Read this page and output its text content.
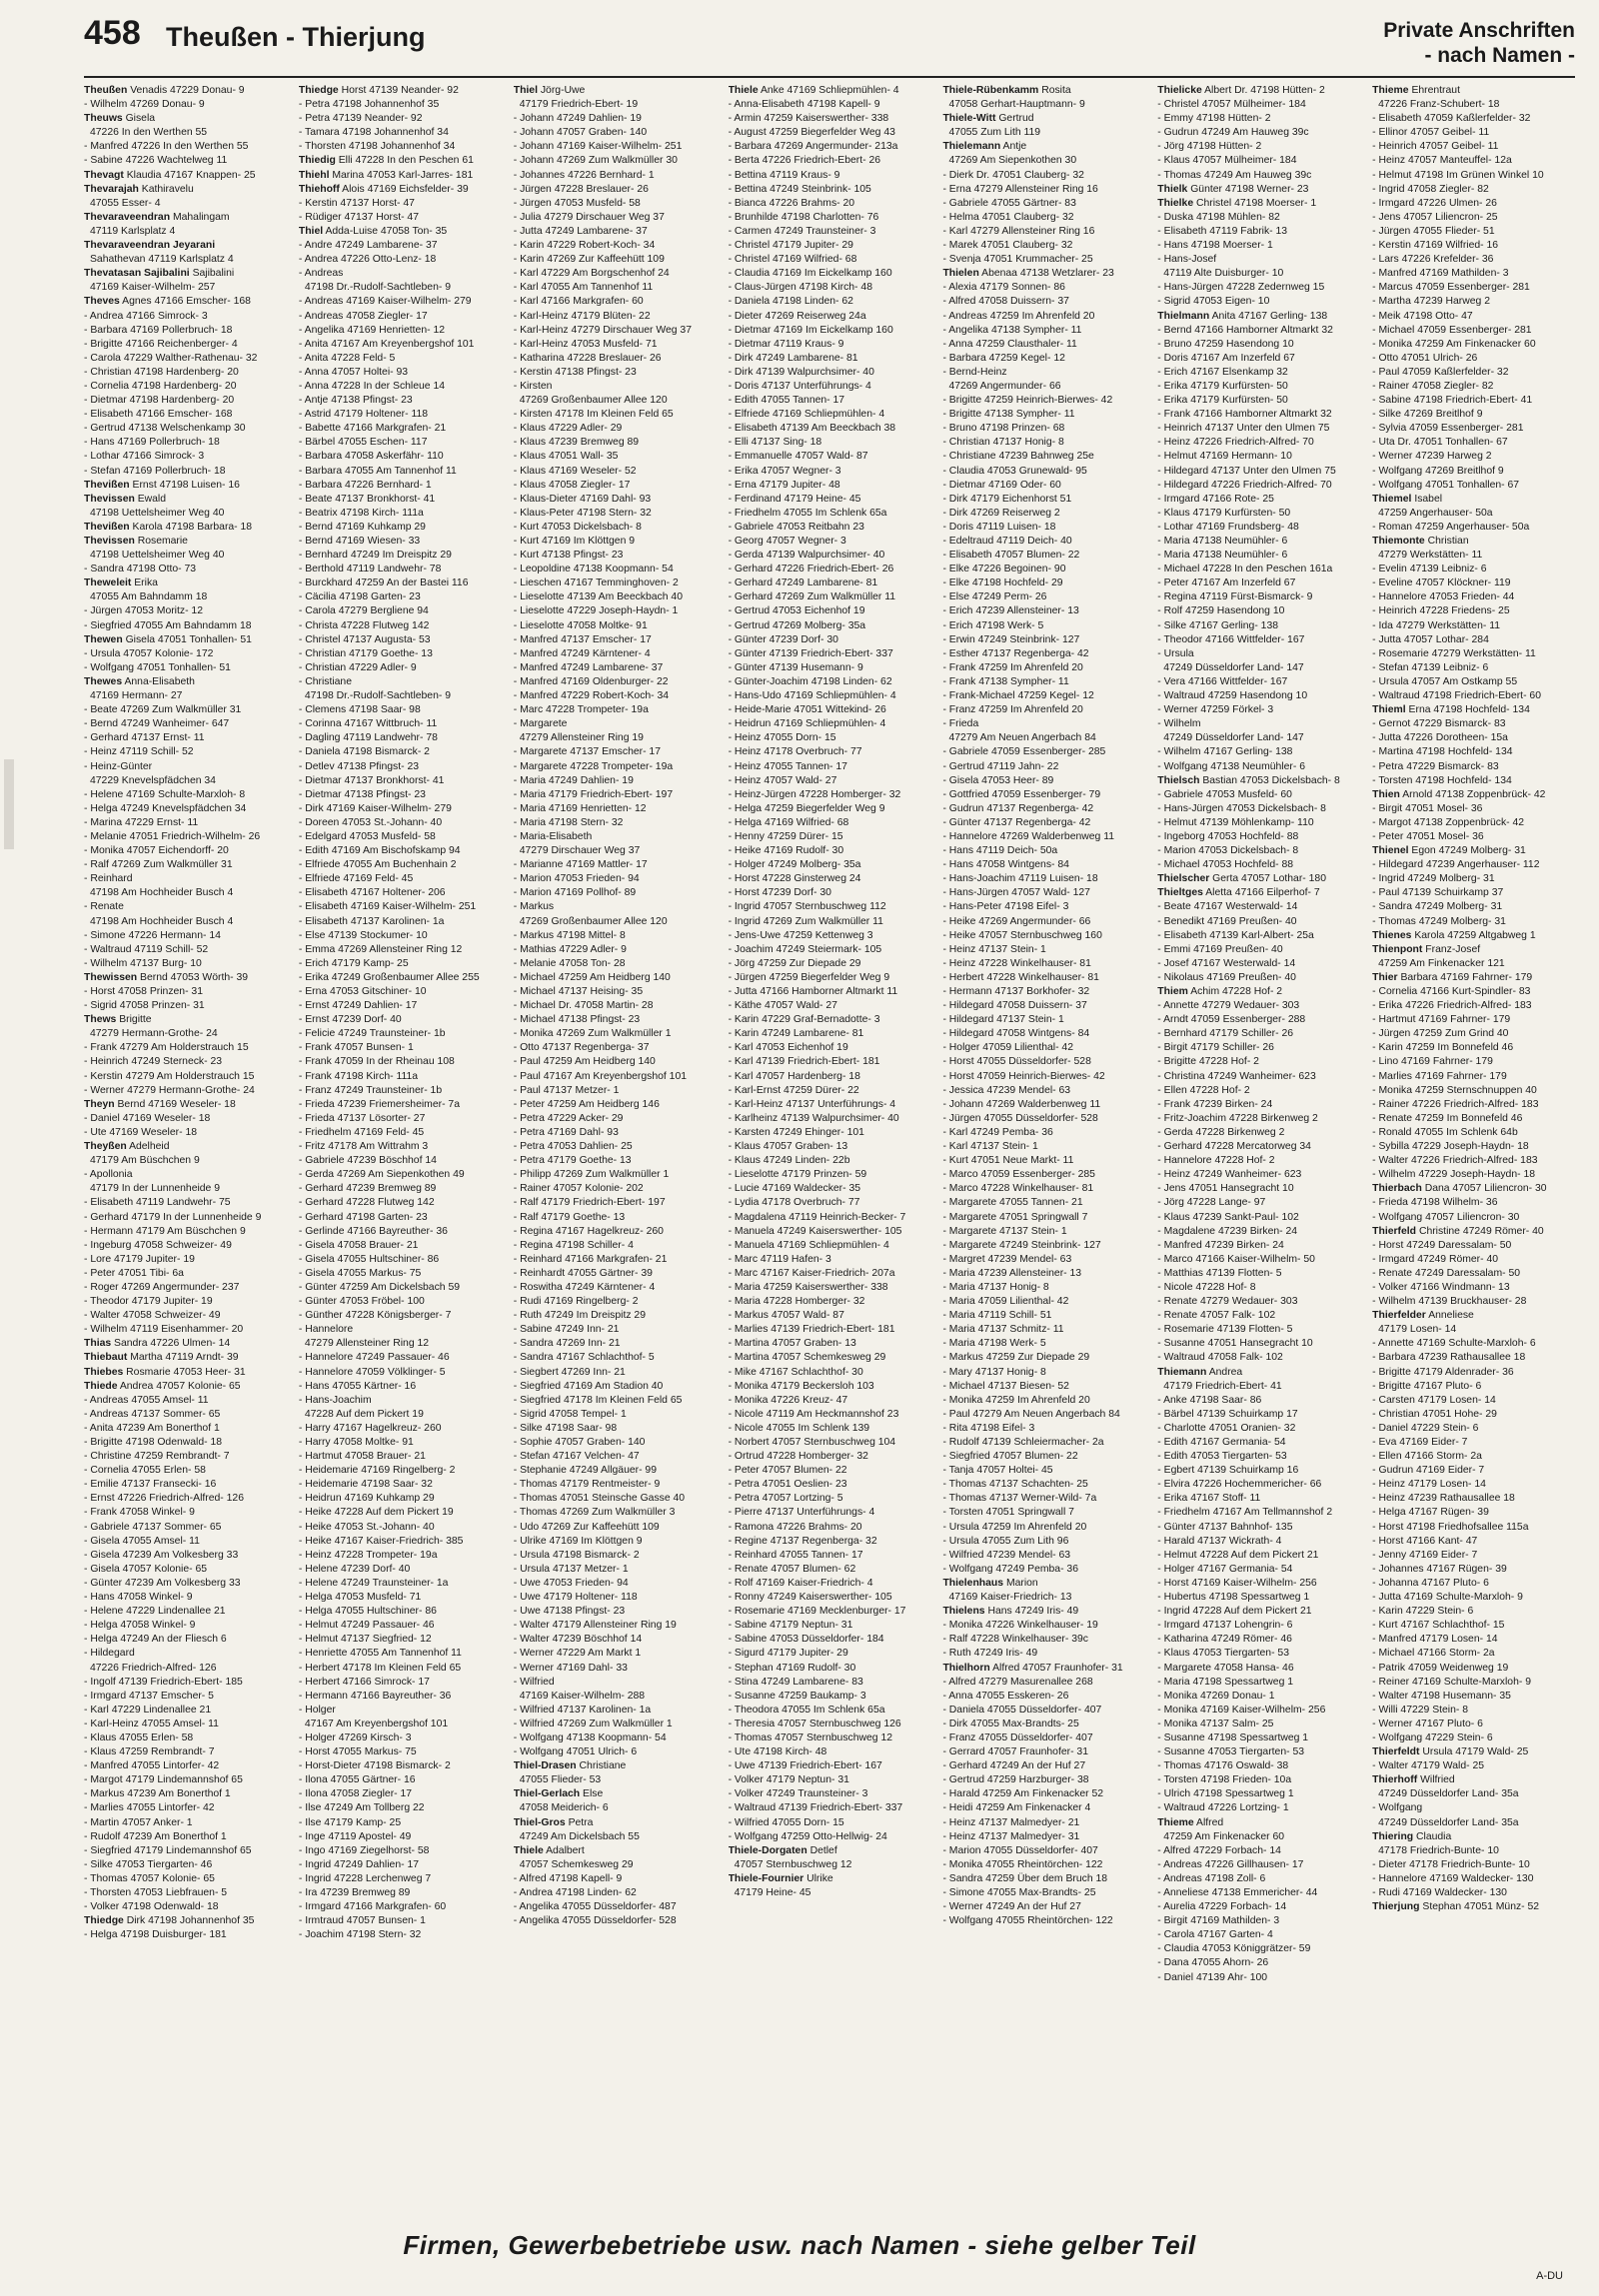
458 Theußen - Thierjung	Private Anschriften
- nach Namen -
Theußen Venadis 47229 Donau- 9
- Wilhelm 47269 Donau- 9
Theuws Gisela
47226 In den Werthen 55
- Manfred 47226 In den Werthen 55
- Sabine 47226 Wachtelweg 11
Thevagt Klaudia 47167 Knappen- 25
Thevarajah Kathiravelu
47055 Esser- 4
Thevaraveendran Mahalingam
47119 Karlsplatz 4
Thevaraveendran Jeyarani
Sahathevan 47119 Karlsplatz 4
Thevatasan Sajibalini Sajibalini
47169 Kaiser-Wilhelm- 257
Theves Agnes 47166 Emscher- 168
- Andrea 47166 Simrock- 3
- Barbara 47169 Pollerbruch- 18
- Brigitte 47166 Reichenberger- 4
- Carola 47229 Walther-Rathenau- 32
- Christian 47198 Hardenberg- 20
- Cornelia 47198 Hardenberg- 20
- Dietmar 47198 Hardenberg- 20
- Elisabeth 47166 Emscher- 168
- Gertrud 47138 Welschenkamp 30
- Hans 47169 Pollerbruch- 18
- Lothar 47166 Simrock- 3
- Stefan 47169 Pollerbruch- 18
Thevißen Ernst 47198 Luisen- 16
Thevissen Ewald
47198 Uettelsheimer Weg 40
Thevißen Karola 47198 Barbara- 18
Thevissen Rosemarie
47198 Uettelsheimer Weg 40
- Sandra 47198 Otto- 73
Theweleit Erika
47055 Am Bahndamm 18
- Jürgen 47053 Moritz- 12
- Siegfried 47055 Am Bahndamm 18
Thewen Gisela 47051 Tonhallen- 51
- Ursula 47057 Kolonie- 172
- Wolfgang 47051 Tonhallen- 51
Thewes Anna-Elisabeth
47169 Hermann- 27
- Beate 47269 Zum Walkmüller 31
- Bernd 47249 Wanheimer- 647
- Gerhard 47137 Ernst- 11
- Heinz 47119 Schill- 52
- Heinz-Günter
47229 Knevelspfädchen 34
- Helene 47169 Schulte-Marxloh- 8
- Helga 47249 Knevelspfädchen 34
- Marina 47229 Ernst- 11
- Melanie 47051 Friedrich-Wilhelm- 26
- Monika 47057 Eichendorff- 20
- Ralf 47269 Zum Walkmüller 31
- Reinhard
47198 Am Hochheider Busch 4
- Renate
47198 Am Hochheider Busch 4
- Simone 47226 Hermann- 14
- Waltraud 47119 Schill- 52
- Wilhelm 47137 Burg- 10
Thewissen Bernd 47053 Wörth- 39
- Horst 47058 Prinzen- 31
- Sigrid 47058 Prinzen- 31
Thews Brigitte
47279 Hermann-Grothe- 24
- Frank 47279 Am Holderstrauch 15
- Heinrich 47249 Sterneck- 23
- Kerstin 47279 Am Holderstrauch 15
- Werner 47279 Hermann-Grothe- 24
Theyn Bernd 47169 Weseler- 18
- Daniel 47169 Weseler- 18
- Ute 47169 Weseler- 18
Theyßen Adelheid
47179 Am Büschchen 9
- Apollonia
47179 In der Lunnenheide 9
- Elisabeth 47119 Landwehr- 75
- Gerhard 47179 In der Lunnenheide 9
- Hermann 47179 Am Büschchen 9
- Ingeburg 47058 Schweizer- 49
- Lore 47179 Jupiter- 19
- Peter 47051 Tibi- 6a
- Roger 47269 Angermunder- 237
- Theodor 47179 Jupiter- 19
- Walter 47058 Schweizer- 49
- Wilhelm 47119 Eisenhammer- 20
Thias Sandra 47226 Ulmen- 14
Thiebaut Martha 47119 Arndt- 39
Thiebes Rosmarie 47053 Heer- 31
Thiede Andrea 47057 Kolonie- 65
- Andreas 47055 Amsel- 11
- Andreas 47137 Sommer- 65
- Anita 47239 Am Bonerthof 1
- Brigitte 47198 Odenwald- 18
- Christine 47259 Rembrandt- 7
- Cornelia 47055 Erlen- 58
- Emilie 47137 Fransecki- 16
- Ernst 47226 Friedrich-Alfred- 126
- Frank 47058 Winkel- 9
- Gabriele 47137 Sommer- 65
- Gisela 47055 Amsel- 11
- Gisela 47239 Am Volkesberg 33
- Gisela 47057 Kolonie- 65
- Günter 47239 Am Volkesberg 33
- Hans 47058 Winkel- 9
- Helene 47229 Lindenallee 21
- Helga 47058 Winkel- 9
- Helga 47249 An der Fliesch 6
- Hildegard
47226 Friedrich-Alfred- 126
- Ingolf 47139 Friedrich-Ebert- 185
- Irmgard 47137 Emscher- 5
- Karl 47229 Lindenallee 21
- Karl-Heinz 47055 Amsel- 11
- Klaus 47055 Erlen- 58
- Klaus 47259 Rembrandt- 7
- Manfred 47055 Lintorfer- 42
- Margot 47179 Lindemannshof 65
- Markus 47239 Am Bonerthof 1
- Marlies 47055 Lintorfer- 42
- Martin 47057 Anker- 1
- Rudolf 47239 Am Bonerthof 1
- Siegfried 47179 Lindemannshof 65
- Silke 47053 Tiergarten- 46
- Thomas 47057 Kolonie- 65
- Thorsten 47053 Liebfrauen- 5
- Volker 47198 Odenwald- 18
Thiedge Dirk 47198 Johannenhof 35
- Helga 47198 Duisburger- 181
Thiedge Horst 47139 Neander- 92
- Petra 47198 Johannenhof 35
- Petra 47139 Neander- 92
- Tamara 47198 Johannenhof 34
- Thorsten 47198 Johannenhof 34
Thiedig Elli 47228 In den Peschen 61
Thiehl Marina 47053 Karl-Jarres- 181
Thiehoff Alois 47169 Eichsfelder- 39
- Kerstin 47137 Horst- 47
- Rüdiger 47137 Horst- 47
Thiel Adda-Luise 47058 Ton- 35
- Andre 47249 Lambarene- 37
- Andrea 47226 Otto-Lenz- 18
- Andreas
47198 Dr.-Rudolf-Sachtleben- 9
- Andreas 47169 Kaiser-Wilhelm- 279
- Andreas 47058 Ziegler- 17
- Angelika 47169 Henrietten- 12
- Anita 47167 Am Kreyenbergshof 101
- Anita 47228 Feld- 5
- Anna 47057 Holtei- 93
- Anna 47228 In der Schleue 14
- Antje 47138 Pfingst- 23
- Astrid 47179 Holtener- 118
- Babette 47166 Markgrafen- 21
- Bärbel 47055 Eschen- 117
- Barbara 47058 Askerfähr- 110
- Barbara 47055 Am Tannenhof 11
- Barbara 47226 Bernhard- 1
- Beate 47137 Bronkhorst- 41
- Beatrix 47198 Kirch- 111a
- Bernd 47169 Kuhkamp 29
- Bernd 47169 Wiesen- 33
- Bernhard 47249 Im Dreispitz 29
- Berthold 47119 Landwehr- 78
- Burckhard 47259 An der Bastei 116
- Cäcilia 47198 Garten- 23
- Carola 47279 Bergliene 94
- Christa 47228 Flutweg 142
- Christel 47137 Augusta- 53
- Christian 47179 Goethe- 13
- Christian 47229 Adler- 9
- Christiane
47198 Dr.-Rudolf-Sachtleben- 9
- Clemens 47198 Saar- 98
- Corinna 47167 Wittbruch- 11
- Dagling 47119 Landwehr- 78
- Daniela 47198 Bismarck- 2
- Detlev 47138 Pfingst- 23
- Dietmar 47137 Bronkhorst- 41
- Dietmar 47138 Pfingst- 23
- Dirk 47169 Kaiser-Wilhelm- 279
- Doreen 47053 St.-Johann- 40
- Edelgard 47053 Musfeld- 58
- Edith 47169 Am Bischofskamp 94
- Elfriede 47055 Am Buchenhain 2
- Elfriede 47169 Feld- 45
- Elisabeth 47167 Holtener- 206
- Elisabeth 47169 Kaiser-Wilhelm- 251
- Elisabeth 47137 Karolinen- 1a
- Else 47139 Stockumer- 10
- Emma 47269 Allensteiner Ring 12
- Erich 47179 Kamp- 25
- Erika 47249 Großenbaumer Allee 255
- Erna 47053 Gitschiner- 10
- Ernst 47249 Dahlien- 17
- Ernst 47239 Dorf- 40
- Felicie 47249 Traunsteiner- 1b
- Frank 47057 Bunsen- 1
- Frank 47059 In der Rheinau 108
- Frank 47198 Kirch- 111a
- Franz 47249 Traunsteiner- 1b
- Frieda 47239 Friemersheimer- 7a
- Frieda 47137 Lösorter- 27
- Friedhelm 47169 Feld- 45
- Fritz 47178 Am Wittrahm 3
- Gabriele 47239 Böschhof 14
- Gerda 47269 Am Siepenkothen 49
- Gerhard 47239 Bremweg 89
- Gerhard 47228 Flutweg 142
- Gerhard 47198 Garten- 23
- Gerlinde 47166 Bayreuther- 36
- Gisela 47058 Brauer- 21
- Gisela 47055 Hultschiner- 86
- Gisela 47055 Markus- 75
- Günter 47259 Am Dickelsbach 59
- Günter 47053 Fröbel- 100
- Günther 47228 Königsberger- 7
- Hannelore
47279 Allensteiner Ring 12
- Hannelore 47249 Passauer- 46
- Hannelore 47059 Völklinger- 5
- Hans 47055 Kärtner- 16
- Hans-Joachim
47228 Auf dem Pickert 19
- Harry 47167 Hagelkreuz- 260
- Harry 47058 Moltke- 91
- Hartmut 47058 Brauer- 21
- Heidemarie 47169 Ringelberg- 2
- Heidemarie 47198 Saar- 32
- Heidrun 47169 Kuhkamp 29
- Heike 47228 Auf dem Pickert 19
- Heike 47053 St.-Johann- 40
- Heike 47167 Kaiser-Friedrich- 385
- Heinz 47228 Trompeter- 19a
- Helene 47239 Dorf- 40
- Helene 47249 Traunsteiner- 1a
- Helga 47053 Musfeld- 71
- Helga 47055 Hultschiner- 86
- Helmut 47249 Passauer- 46
- Helmut 47137 Siegfried- 12
- Henriette 47055 Am Tannenhof 11
- Herbert 47178 Im Kleinen Feld 65
- Herbert 47166 Simrock- 17
- Hermann 47166 Bayreuther- 36
- Holger
47167 Am Kreyenbergshof 101
- Holger 47269 Kirsch- 3
- Horst 47055 Markus- 75
- Horst-Dieter 47198 Bismarck- 2
- Ilona 47055 Gärtner- 16
- Ilona 47058 Ziegler- 17
- Ilse 47249 Am Tollberg 22
- Ilse 47179 Kamp- 25
- Inge 47119 Apostel- 49
- Ingo 47169 Ziegelhorst- 58
- Ingrid 47249 Dahlien- 17
- Ingrid 47228 Lerchenweg 7
- Ira 47239 Bremweg 89
- Irmgard 47166 Markgrafen- 60
- Irmtraud 47057 Bunsen- 1
- Joachim 47198 Stern- 32
Thiel Jörg-Uwe
47179 Friedrich-Ebert- 19
- Johann 47249 Dahlien- 19
- Johann 47057 Graben- 140
- Johann 47169 Kaiser-Wilhelm- 251
- Johann 47269 Zum Walkmüller 30
- Johannes 47226 Bernhard- 1
- Jürgen 47228 Breslauer- 26
- Jürgen 47053 Musfeld- 58
- Julia 47279 Dirschauer Weg 37
- Jutta 47249 Lambarene- 37
- Karin 47229 Robert-Koch- 34
- Karin 47269 Zur Kaffeehütt 109
- Karl 47229 Am Borgschenhof 24
- Karl 47055 Am Tannenhof 11
- Karl 47166 Markgrafen- 60
- Karl-Heinz 47179 Blüten- 22
- Karl-Heinz 47279 Dirschauer Weg 37
- Karl-Heinz 47053 Musfeld- 71
- Katharina 47228 Breslauer- 26
- Kerstin 47138 Pfingst- 23
- Kirsten
47269 Großenbaumer Allee 120
- Kirsten 47178 Im Kleinen Feld 65
- Klaus 47229 Adler- 29
- Klaus 47239 Bremweg 89
- Klaus 47051 Wall- 35
- Klaus 47169 Weseler- 52
- Klaus 47058 Ziegler- 17
- Klaus-Dieter 47169 Dahl- 93
- Klaus-Peter 47198 Stern- 32
- Kurt 47053 Dickelsbach- 8
- Kurt 47169 Im Klöttgen 9
- Kurt 47138 Pfingst- 23
- Leopoldine 47138 Koopmann- 54
- Lieschen 47167 Temminghoven- 2
- Lieselotte 47139 Am Beeckbach 40
- Lieselotte 47229 Joseph-Haydn- 1
- Lieselotte 47058 Moltke- 91
- Manfred 47137 Emscher- 17
- Manfred 47249 Kärntener- 4
- Manfred 47249 Lambarene- 37
- Manfred 47169 Oldenburger- 22
- Manfred 47229 Robert-Koch- 34
- Marc 47228 Trompeter- 19a
- Margarete
47279 Allensteiner Ring 19
- Margarete 47137 Emscher- 17
- Margarete 47228 Trompeter- 19a
- Maria 47249 Dahlien- 19
- Maria 47179 Friedrich-Ebert- 197
- Maria 47169 Henrietten- 12
- Maria 47198 Stern- 32
- Maria-Elisabeth
47279 Dirschauer Weg 37
- Marianne 47169 Mattler- 17
- Marion 47053 Frieden- 94
- Marion 47169 Pollhof- 89
- Markus
47269 Großenbaumer Allee 120
- Markus 47198 Mittel- 8
- Mathias 47229 Adler- 9
- Melanie 47058 Ton- 28
- Michael 47259 Am Heidberg 140
- Michael 47137 Heising- 35
- Michael Dr. 47058 Martin- 28
- Michael 47138 Pfingst- 23
- Monika 47269 Zum Walkmüller 1
- Otto 47137 Regenberga- 37
- Paul 47259 Am Heidberg 140
- Paul 47167 Am Kreyenbergshof 101
- Paul 47137 Metzer- 1
- Peter 47259 Am Heidberg 146
- Petra 47229 Acker- 29
- Petra 47169 Dahl- 93
- Petra 47053 Dahlien- 25
- Petra 47179 Goethe- 13
- Philipp 47269 Zum Walkmüller 1
- Rainer 47057 Kolonie- 202
- Ralf 47179 Friedrich-Ebert- 197
- Ralf 47179 Goethe- 13
- Regina 47167 Hagelkreuz- 260
- Regina 47198 Schiller- 4
- Reinhard 47166 Markgrafen- 21
- Reinhardt 47055 Gärtner- 39
- Roswitha 47249 Kärntener- 4
- Rudi 47169 Ringelberg- 2
- Ruth 47249 Im Dreispitz 29
- Sabine 47249 Inn- 21
- Sandra 47269 Inn- 21
- Sandra 47167 Schlachthof- 5
- Siegbert 47269 Inn- 21
- Siegfried 47169 Am Stadion 40
- Siegfried 47178 Im Kleinen Feld 65
- Sigrid 47058 Tempel- 1
- Silke 47198 Saar- 98
- Sophie 47057 Graben- 140
- Stefan 47167 Velchen- 47
- Stephanie 47249 Allgäuer- 99
- Thomas 47179 Rentmeister- 9
- Thomas 47051 Steinsche Gasse 40
- Thomas 47269 Zum Walkmüller 3
- Udo 47269 Zur Kaffeehütt 109
- Ulrike 47169 Im Klöttgen 9
- Ursula 47198 Bismarck- 2
- Ursula 47137 Metzer- 1
- Uwe 47053 Frieden- 94
- Uwe 47179 Holtener- 118
- Uwe 47138 Pfingst- 23
- Walter 47179 Allensteiner Ring 19
- Walter 47239 Böschhof 14
- Werner 47229 Am Markt 1
- Werner 47169 Dahl- 33
- Wilfried
47169 Kaiser-Wilhelm- 288
- Wilfried 47137 Karolinen- 1a
- Wilfried 47269 Zum Walkmüller 1
- Wolfgang 47138 Koopmann- 54
- Wolfgang 47051 Ulrich- 6
Thiel-Drasen Christiane
47055 Flieder- 53
Thiel-Gerlach Else
47058 Meiderich- 6
Thiel-Gros Petra
47249 Am Dickelsbach 55
Thiele Adalbert
47057 Schemkesweg 29
- Alfred 47198 Kapell- 9
- Andrea 47198 Linden- 62
- Angelika 47055 Düsseldorfer- 487
- Angelika 47055 Düsseldorfer- 528
Thiele Anke 47169 Schliepmühlen- 4
- Anna-Elisabeth 47198 Kapell- 9
- Armin 47259 Kaiserswerther- 338
- August 47259 Biegerfelder Weg 43
- Barbara 47269 Angermunder- 213a
- Berta 47226 Friedrich-Ebert- 26
- Bettina 47119 Kraus- 9
- Bettina 47249 Steinbrink- 105
- Bianca 47226 Brahms- 20
- Brunhilde 47198 Charlotten- 76
- Carmen 47249 Traunsteiner- 3
- Christel 47179 Jupiter- 29
- Christel 47169 Wilfried- 68
- Claudia 47169 Im Eickelkamp 160
- Claus-Jürgen 47198 Kirch- 48
- Daniela 47198 Linden- 62
- Dieter 47269 Reiserweg 24a
- Dietmar 47169 Im Eickelkamp 160
- Dietmar 47119 Kraus- 9
- Dirk 47249 Lambarene- 81
- Dirk 47139 Walpurchsimer- 40
- Doris 47137 Unterführungs- 4
- Edith 47055 Tannen- 17
- Elfriede 47169 Schliepmühlen- 4
- Elisabeth 47139 Am Beeckbach 38
- Elli 47137 Sing- 18
- Emmanuelle 47057 Wald- 87
- Erika 47057 Wegner- 3
- Erna 47179 Jupiter- 48
- Ferdinand 47179 Heine- 45
- Friedhelm 47055 Im Schlenk 65a
- Gabriele 47053 Reitbahn 23
- Georg 47057 Wegner- 3
- Gerda 47139 Walpurchsimer- 40
- Gerhard 47226 Friedrich-Ebert- 26
- Gerhard 47249 Lambarene- 81
- Gerhard 47269 Zum Walkmüller 11
- Gertrud 47053 Eichenhof 19
- Gertrud 47269 Molberg- 35a
- Günter 47239 Dorf- 30
- Günter 47139 Friedrich-Ebert- 337
- Günter 47139 Husemann- 9
- Günter-Joachim 47198 Linden- 62
- Hans-Udo 47169 Schliepmühlen- 4
- Heide-Marie 47051 Wittekind- 26
- Heidrun 47169 Schliepmühlen- 4
- Heinz 47055 Dorn- 15
- Heinz 47178 Overbruch- 77
- Heinz 47055 Tannen- 17
- Heinz 47057 Wald- 27
- Heinz-Jürgen 47228 Homberger- 32
- Helga 47259 Biegerfelder Weg 9
- Helga 47169 Wilfried- 68
- Henny 47259 Dürer- 15
- Heike 47169 Rudolf- 30
- Holger 47249 Molberg- 35a
- Horst 47228 Ginsterweg 24
- Horst 47239 Dorf- 30
- Ingrid 47057 Sternbuschweg 112
- Ingrid 47269 Zum Walkmüller 11
- Jens-Uwe 47259 Kettenweg 3
- Joachim 47249 Steiermark- 105
- Jörg 47259 Zur Diepade 29
- Jürgen 47259 Biegerfelder Weg 9
- Jutta 47166 Hamborner Altmarkt 11
- Käthe 47057 Wald- 27
- Karin 47229 Graf-Bernadotte- 3
- Karin 47249 Lambarene- 81
- Karl 47053 Eichenhof 19
- Karl 47139 Friedrich-Ebert- 181
- Karl 47057 Hardenberg- 18
- Karl-Ernst 47259 Dürer- 22
- Karl-Heinz 47137 Unterführungs- 4
- Karlheinz 47139 Walpurchsimer- 40
- Karsten 47249 Ehinger- 101
- Klaus 47057 Graben- 13
- Klaus 47249 Linden- 22b
- Lieselotte 47179 Prinzen- 59
- Lucie 47169 Waldecker- 35
- Lydia 47178 Overbruch- 77
- Magdalena 47119 Heinrich-Becker- 7
- Manuela 47249 Kaiserswerther- 105
- Manuela 47169 Schliepmühlen- 4
- Marc 47119 Hafen- 3
- Marc 47167 Kaiser-Friedrich- 207a
- Maria 47259 Kaiserswerther- 338
- Maria 47228 Homberger- 32
- Markus 47057 Wald- 87
- Marlies 47139 Friedrich-Ebert- 181
- Martina 47057 Graben- 13
- Martina 47057 Schemkesweg 29
- Mike 47167 Schlachthof- 30
- Monika 47179 Beckersloh 103
- Monika 47226 Kreuz- 47
- Nicole 47119 Am Heckmannshof 23
- Nicole 47055 Im Schlenk 139
- Norbert 47057 Sternbuschweg 104
- Ortrud 47228 Homberger- 32
- Peter 47057 Blumen- 22
- Petra 47051 Oeslien- 23
- Petra 47057 Lortzing- 5
- Pierre 47137 Unterführungs- 4
- Ramona 47226 Brahms- 20
- Regine 47137 Regenberga- 32
- Reinhard 47055 Tannen- 17
- Renate 47057 Blumen- 62
- Rolf 47169 Kaiser-Friedrich- 4
- Ronny 47249 Kaiserswerther- 105
- Rosemarie 47169 Mecklenburger- 17
- Sabine 47179 Neptun- 31
- Sabine 47053 Düsseldorfer- 184
- Sigurd 47179 Jupiter- 29
- Stephan 47169 Rudolf- 30
- Stina 47249 Lambarene- 83
- Susanne 47259 Baukamp- 3
- Theodora 47055 Im Schlenk 65a
- Theresia 47057 Sternbuschweg 126
- Thomas 47057 Sternbuschweg 12
- Ute 47198 Kirch- 48
- Uwe 47139 Friedrich-Ebert- 167
- Volker 47179 Neptun- 31
- Volker 47249 Traunsteiner- 3
- Waltraud 47139 Friedrich-Ebert- 337
- Wilfried 47055 Dorn- 15
- Wolfgang 47259 Otto-Hellwig- 24
Thiele-Dorgaten Detlef
47057 Sternbuschweg 12
Thiele-Fournier Ulrike
47179 Heine- 45
Thiele-Rübenkamm Rosita
47058 Gerhart-Hauptmann- 9
Thiele-Witt Gertrud
47055 Zum Lith 119
Thielemann Antje
47269 Am Siepenkothen 30
- Dierk Dr. 47051 Clauberg- 32
- Erna 47279 Allensteiner Ring 16
- Gabriele 47055 Gärtner- 83
- Helma 47051 Clauberg- 32
- Karl 47279 Allensteiner Ring 16
- Marek 47051 Clauberg- 32
- Svenja 47051 Krummacher- 25
Thielen Abenaa 47138 Wetzlarer- 23
- Alexia 47179 Sonnen- 86
- Alfred 47058 Duissern- 37
- Andreas 47259 Im Ahrenfeld 20
- Angelika 47138 Sympher- 11
- Anna 47259 Clausthaler- 11
- Barbara 47259 Kegel- 12
- Bernd-Heinz
47269 Angermunder- 66
- Brigitte 47259 Heinrich-Bierwes- 42
- Brigitte 47138 Sympher- 11
- Bruno 47198 Prinzen- 68
- Christian 47137 Honig- 8
- Christiane 47239 Bahnweg 25e
- Claudia 47053 Grunewald- 95
- Dietmar 47169 Oder- 60
- Dirk 47179 Eichenhorst 51
- Dirk 47269 Reiserweg 2
- Doris 47119 Luisen- 18
- Edeltraud 47119 Deich- 40
- Elisabeth 47057 Blumen- 22
- Elke 47226 Begoinen- 90
- Elke 47198 Hochfeld- 29
- Else 47249 Perm- 26
- Erich 47239 Allensteiner- 13
- Erich 47198 Werk- 5
- Erwin 47249 Steinbrink- 127
- Esther 47137 Regenberga- 42
- Frank 47259 Im Ahrenfeld 20
- Frank 47138 Sympher- 11
- Frank-Michael 47259 Kegel- 12
- Franz 47259 Im Ahrenfeld 20
- Frieda
47279 Am Neuen Angerbach 84
- Gabriele 47059 Essenberger- 285
- Gertrud 47119 Jahn- 22
- Gisela 47053 Heer- 89
- Gottfried 47059 Essenberger- 79
- Gudrun 47137 Regenberga- 42
- Günter 47137 Regenberga- 42
- Hannelore 47269 Walderbenweg 11
- Hans 47119 Deich- 50a
- Hans 47058 Wintgens- 84
- Hans-Joachim 47119 Luisen- 18
- Hans-Jürgen 47057 Wald- 127
- Hans-Peter 47198 Eifel- 3
- Heike 47269 Angermunder- 66
- Heike 47057 Sternbuschweg 160
- Heinz 47137 Stein- 1
- Heinz 47228 Winkelhauser- 81
- Herbert 47228 Winkelhauser- 81
- Hermann 47137 Borkhofer- 32
- Hildegard 47058 Duissern- 37
- Hildegard 47137 Stein- 1
- Hildegard 47058 Wintgens- 84
- Holger 47059 Lilienthal- 42
- Horst 47055 Düsseldorfer- 528
- Horst 47059 Heinrich-Bierwes- 42
- Jessica 47239 Mendel- 63
- Johann 47269 Walderbenweg 11
- Jürgen 47055 Düsseldorfer- 528
- Karl 47249 Pemba- 36
- Karl 47137 Stein- 1
- Kurt 47051 Neue Markt- 11
- Marco 47059 Essenberger- 285
- Marco 47228 Winkelhauser- 81
- Margarete 47055 Tannen- 21
- Margarete 47051 Springwall 7
- Margarete 47137 Stein- 1
- Margarete 47249 Steinbrink- 127
- Margret 47239 Mendel- 63
- Maria 47239 Allensteiner- 13
- Maria 47137 Honig- 8
- Maria 47059 Lilienthal- 42
- Maria 47119 Schill- 51
- Maria 47137 Schmitz- 11
- Maria 47198 Werk- 5
- Markus 47259 Zur Diepade 29
- Mary 47137 Honig- 8
- Michael 47137 Biesen- 52
- Monika 47259 Im Ahrenfeld 20
- Paul 47279 Am Neuen Angerbach 84
- Rita 47198 Eifel- 3
- Rudolf 47139 Schleiermacher- 2a
- Siegfried 47057 Blumen- 22
- Tanja 47057 Holtei- 45
- Thomas 47137 Schachten- 25
- Thomas 47137 Werner-Wild- 7a
- Torsten 47051 Springwall 7
- Ursula 47259 Im Ahrenfeld 20
- Ursula 47055 Zum Lith 96
- Wilfried 47239 Mendel- 63
- Wolfgang 47249 Pemba- 36
Thielenhaus Marion
47169 Kaiser-Friedrich- 13
Thielens Hans 47249 Iris- 49
- Monika 47226 Winkelhauser- 19
- Ralf 47228 Winkelhauser- 39c
- Ruth 47249 Iris- 49
Thielhorn Alfred 47057 Fraunhofer- 31
- Alfred 47279 Masurenallee 268
- Anna 47055 Esskeren- 26
- Daniela 47055 Düsseldorfer- 407
- Dirk 47055 Max-Brandts- 25
- Franz 47055 Düsseldorfer- 407
- Gerrard 47057 Fraunhofer- 31
- Gerhard 47249 An der Huf 27
- Gertrud 47259 Harzburger- 38
- Harald 47259 Am Finkenacker 52
- Heidi 47259 Am Finkenacker 4
- Heinz 47137 Malmedyer- 21
- Heinz 47137 Malmedyer- 31
- Marion 47055 Düsseldorfer- 407
- Monika 47055 Rheintörchen- 122
- Sandra 47259 Über dem Bruch 18
- Simone 47055 Max-Brandts- 25
- Werner 47249 An der Huf 27
- Wolfgang 47055 Rheintörchen- 122
Thielicke Albert Dr. 47198 Hütten- 2
- Christel 47057 Mülheimer- 184
- Emmy 47198 Hütten- 2
- Gudrun 47249 Am Hauweg 39c
- Jörg 47198 Hütten- 2
- Klaus 47057 Mülheimer- 184
- Thomas 47249 Am Hauweg 39c
Thielk Günter 47198 Werner- 23
Thielke Christel 47198 Moerser- 1
- Duska 47198 Mühlen- 82
- Elisabeth 47119 Fabrik- 13
- Hans 47198 Moerser- 1
- Hans-Josef
47119 Alte Duisburger- 10
- Hans-Jürgen 47228 Zedernweg 15
- Sigrid 47053 Eigen- 10
Thielmann Anita 47167 Gerling- 138
- Bernd 47166 Hamborner Altmarkt 32
- Bruno 47259 Hasendong 10
- Doris 47167 Am Inzerfeld 67
- Erich 47167 Elsenkamp 32
- Erika 47179 Kurfürsten- 50
- Erika 47179 Kurfürsten- 50
- Frank 47166 Hamborner Altmarkt 32
- Heinrich 47137 Unter den Ulmen 75
- Heinz 47226 Friedrich-Alfred- 70
- Helmut 47169 Hermann- 10
- Hildegard 47137 Unter den Ulmen 75
- Hildegard 47226 Friedrich-Alfred- 70
- Irmgard 47166 Rote- 25
- Klaus 47179 Kurfürsten- 50
- Lothar 47169 Frundsberg- 48
- Maria 47138 Neumühler- 6
- Maria 47138 Neumühler- 6
- Michael 47228 In den Peschen 161a
- Peter 47167 Am Inzerfeld 67
- Regina 47119 Fürst-Bismarck- 9
- Rolf 47259 Hasendong 10
- Silke 47167 Gerling- 138
- Theodor 47166 Wittfelder- 167
- Ursula
47249 Düsseldorfer Land- 147
- Vera 47166 Wittfelder- 167
- Waltraud 47259 Hasendong 10
- Werner 47259 Förkel- 3
- Wilhelm
47249 Düsseldorfer Land- 147
- Wilhelm 47167 Gerling- 138
- Wolfgang 47138 Neumühler- 6
Thielsch Bastian 47053 Dickelsbach- 8
- Gabriele 47053 Musfeld- 60
- Hans-Jürgen 47053 Dickelsbach- 8
- Helmut 47139 Möhlenkamp- 110
- Ingeborg 47053 Hochfeld- 88
- Marion 47053 Dickelsbach- 8
- Michael 47053 Hochfeld- 88
Thielscher Gerta 47057 Lothar- 180
Thieltges Aletta 47166 Eilperhof- 7
- Beate 47167 Westerwald- 14
- Benedikt 47169 Preußen- 40
- Elisabeth 47139 Karl-Albert- 25a
- Emmi 47169 Preußen- 40
- Josef 47167 Westerwald- 14
- Nikolaus 47169 Preußen- 40
Thiem Achim 47228 Hof- 2
- Annette 47279 Wedauer- 303
- Arndt 47059 Essenberger- 288
- Bernhard 47179 Schiller- 26
- Birgit 47179 Schiller- 26
- Brigitte 47228 Hof- 2
- Christina 47249 Wanheimer- 623
- Ellen 47228 Hof- 2
- Frank 47239 Birken- 24
- Fritz-Joachim 47228 Birkenweg 2
- Gerda 47228 Birkenweg 2
- Gerhard 47228 Mercatorweg 34
- Hannelore 47228 Hof- 2
- Heinz 47249 Wanheimer- 623
- Jens 47051 Hansegracht 10
- Jörg 47228 Lange- 97
- Klaus 47239 Sankt-Paul- 102
- Magdalene 47239 Birken- 24
- Manfred 47239 Birken- 24
- Marco 47166 Kaiser-Wilhelm- 50
- Matthias 47139 Flotten- 5
- Nicole 47228 Hof- 8
- Renate 47279 Wedauer- 303
- Renate 47057 Falk- 102
- Rosemarie 47139 Flotten- 5
- Susanne 47051 Hansegracht 10
- Waltraud 47058 Falk- 102
Thiemann Andrea
47179 Friedrich-Ebert- 41
- Anke 47198 Saar- 86
- Bärbel 47139 Schuirkamp 17
- Charlotte 47051 Oranien- 32
- Edith 47167 Germania- 54
- Edith 47053 Tiergarten- 53
- Egbert 47139 Schuirkamp 16
- Elvira 47226 Hochemmericher- 66
- Erika 47167 Stoff- 11
- Friedhelm 47167 Am Tellmannshof 2
- Günter 47137 Bahnhof- 135
- Harald 47137 Wickrath- 4
- Helmut 47228 Auf dem Pickert 21
- Holger 47167 Germania- 54
- Horst 47169 Kaiser-Wilhelm- 256
- Hubertus 47198 Spessartweg 1
- Ingrid 47228 Auf dem Pickert 21
- Irmgard 47137 Lohengrin- 6
- Katharina 47249 Römer- 46
- Klaus 47053 Tiergarten- 53
- Margarete 47058 Hansa- 46
- Maria 47198 Spessartweg 1
- Monika 47269 Donau- 1
- Monika 47169 Kaiser-Wilhelm- 256
- Monika 47137 Salm- 25
- Susanne 47198 Spessartweg 1
- Susanne 47053 Tiergarten- 53
- Thomas 47176 Oswald- 38
- Torsten 47198 Frieden- 10a
- Ulrich 47198 Spessartweg 1
- Waltraud 47226 Lortzing- 1
Thieme Alfred
47259 Am Finkenacker 60
- Alfred 47229 Forbach- 14
- Andreas 47226 Gillhausen- 17
- Andreas 47198 Zoll- 6
- Anneliese 47138 Emmericher- 44
- Aurelia 47229 Forbach- 14
- Birgit 47169 Mathilden- 3
- Carola 47167 Garten- 4
- Claudia 47053 Königgrätzer- 59
- Dana 47055 Ahorn- 26
- Daniel 47139 Ahr- 100
Thieme Ehrentraut
47226 Franz-Schubert- 18
- Elisabeth 47059 Kaßlerfelder- 32
- Ellinor 47057 Geibel- 11
- Heinrich 47057 Geibel- 11
- Heinz 47057 Manteuffel- 12a
- Helmut 47198 Im Grünen Winkel 10
- Ingrid 47058 Ziegler- 82
- Irmgard 47226 Ulmen- 26
- Jens 47057 Liliencron- 25
- Jürgen 47055 Flieder- 51
- Kerstin 47169 Wilfried- 16
- Lars 47226 Krefelder- 36
- Manfred 47169 Mathilden- 3
- Marcus 47059 Essenberger- 281
- Martha 47239 Harweg 2
- Meik 47198 Otto- 47
- Michael 47059 Essenberger- 281
- Monika 47259 Am Finkenacker 60
- Otto 47051 Ulrich- 26
- Paul 47059 Kaßlerfelder- 32
- Rainer 47058 Ziegler- 82
- Sabine 47198 Friedrich-Ebert- 41
- Silke 47269 Breitlhof 9
- Sylvia 47059 Essenberger- 281
- Uta Dr. 47051 Tonhallen- 67
- Werner 47239 Harweg 2
- Wolfgang 47269 Breitlhof 9
- Wolfgang 47051 Tonhallen- 67
Thiemel Isabel
47259 Angerhauser- 50a
- Roman 47259 Angerhauser- 50a
Thiemonte Christian
47279 Werkstätten- 11
- Evelin 47139 Leibniz- 6
- Eveline 47057 Klöckner- 119
- Hannelore 47053 Frieden- 44
- Heinrich 47228 Friedens- 25
- Ida 47279 Werkstätten- 11
- Jutta 47057 Lothar- 284
- Rosemarie 47279 Werkstätten- 11
- Stefan 47139 Leibniz- 6
- Ursula 47057 Am Ostkamp 55
- Waltraud 47198 Friedrich-Ebert- 60
Thieml Erna 47198 Hochfeld- 134
- Gernot 47229 Bismarck- 83
- Jutta 47226 Dorotheen- 15a
- Martina 47198 Hochfeld- 134
- Petra 47229 Bismarck- 83
- Torsten 47198 Hochfeld- 134
Thien Arnold 47138 Zoppenbrück- 42
- Birgit 47051 Mosel- 36
- Margot 47138 Zoppenbrück- 42
- Peter 47051 Mosel- 36
Thienel Egon 47249 Molberg- 31
- Hildegard 47239 Angerhauser- 112
- Ingrid 47249 Molberg- 31
- Paul 47139 Schuirkamp 37
- Sandra 47249 Molberg- 31
- Thomas 47249 Molberg- 31
Thienes Karola 47259 Altgabweg 1
Thienpont Franz-Josef
47259 Am Finkenacker 121
Thier Barbara 47169 Fahrner- 179
- Cornelia 47166 Kurt-Spindler- 83
- Erika 47226 Friedrich-Alfred- 183
- Hartmut 47169 Fahrner- 179
- Jürgen 47259 Zum Grind 40
- Karin 47259 Im Bonnefeld 46
- Lino 47169 Fahrner- 179
- Marlies 47169 Fahrner- 179
- Monika 47259 Sternschnuppen 40
- Rainer 47226 Friedrich-Alfred- 183
- Renate 47259 Im Bonnefeld 46
- Ronald 47055 Im Schlenk 64b
- Sybilla 47229 Joseph-Haydn- 18
- Walter 47226 Friedrich-Alfred- 183
- Wilhelm 47229 Joseph-Haydn- 18
Thierbach Dana 47057 Liliencron- 30
- Frieda 47198 Wilhelm- 36
- Wolfgang 47057 Liliencron- 30
Thierfeld Christine 47249 Römer- 40
- Horst 47249 Daressalam- 50
- Irmgard 47249 Römer- 40
- Renate 47249 Daressalam- 50
- Volker 47166 Windmann- 13
- Wilhelm 47139 Bruckhauser- 28
Thierfelder Anneliese
47179 Losen- 14
- Annette 47169 Schulte-Marxloh- 6
- Barbara 47239 Rathausallee 18
- Brigitte 47179 Aldenrader- 36
- Brigitte 47167 Pluto- 6
- Carsten 47179 Losen- 14
- Christian 47051 Hohe- 29
- Daniel 47229 Stein- 6
- Eva 47169 Eider- 7
- Ellen 47166 Storm- 2a
- Gudrun 47169 Eider- 7
- Heinz 47179 Losen- 14
- Heinz 47239 Rathausallee 18
- Helga 47167 Rügen- 39
- Horst 47198 Friedhofsallee 115a
- Horst 47166 Kant- 47
- Jenny 47169 Eider- 7
- Johannes 47167 Rügen- 39
- Johanna 47167 Pluto- 6
- Jutta 47169 Schulte-Marxloh- 9
- Karin 47229 Stein- 6
- Kurt 47167 Schlachthof- 15
- Manfred 47179 Losen- 14
- Michael 47166 Storm- 2a
- Patrik 47059 Weidenweg 19
- Reiner 47169 Schulte-Marxloh- 9
- Walter 47198 Husemann- 35
- Willi 47229 Stein- 8
- Werner 47167 Pluto- 6
- Wolfgang 47229 Stein- 6
Thierfeldt Ursula 47179 Wald- 25
- Walter 47179 Wald- 25
Thierhoff Wilfried
47249 Düsseldorfer Land- 35a
- Wolfgang
47249 Düsseldorfer Land- 35a
Thiering Claudia
47178 Friedrich-Bunte- 10
- Dieter 47178 Friedrich-Bunte- 10
- Hannelore 47169 Waldecker- 130
- Rudi 47169 Waldecker- 130
Thierjung Stephan 47051 Münz- 52
Firmen, Gewerbebetriebe usw. nach Namen - siehe gelber Teil
A-DU
